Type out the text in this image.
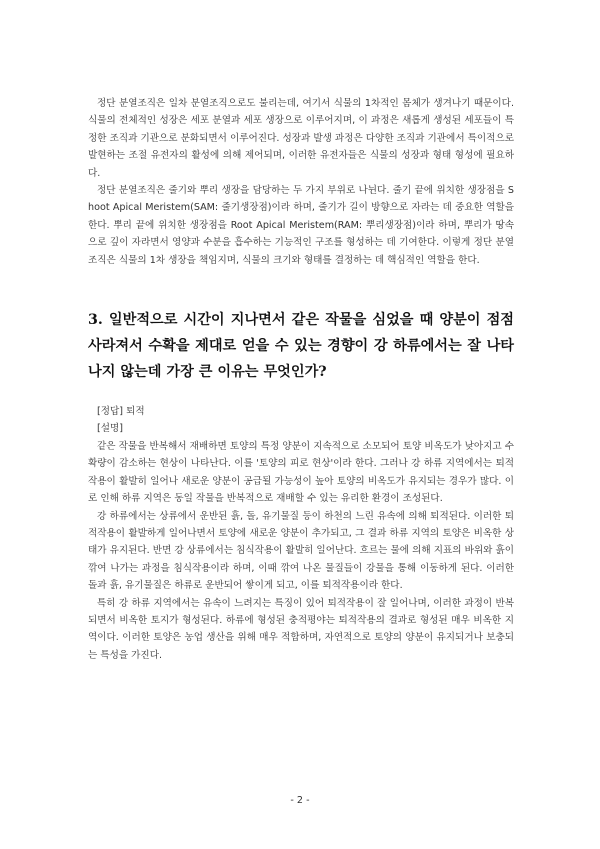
정단 분열조직은 일차 분열조직으로도 불리는데, 여기서 식물의 1차적인 몸체가 생겨나기 때문이다. 식물의 전체적인 성장은 세포 분열과 세포 생장으로 이루어지며, 이 과정은 새롭게 생성된 세포들이 특정한 조직과 기관으로 분화되면서 이루어진다. 성장과 발생 과정은 다양한 조직과 기관에서 특이적으로 발현하는 조절 유전자의 활성에 의해 제어되며, 이러한 유전자들은 식물의 성장과 형태 형성에 필요하다.

정단 분열조직은 줄기와 뿌리 생장을 담당하는 두 가지 부위로 나뉜다. 줄기 끝에 위치한 생장점을 Shoot Apical Meristem(SAM: 줄기생장점)이라 하며, 줄기가 길이 방향으로 자라는 데 중요한 역할을 한다. 뿌리 끝에 위치한 생장점을 Root Apical Meristem(RAM: 뿌리생장점)이라 하며, 뿌리가 땅속으로 깊이 자라면서 영양과 수분을 흡수하는 기능적인 구조를 형성하는 데 기여한다. 이렇게 정단 분열조직은 식물의 1차 생장을 책임지며, 식물의 크기와 형태를 결정하는 데 핵심적인 역할을 한다.

3. 일반적으로 시간이 지나면서 같은 작물을 심었을 때 양분이 점점 사라져서 수확을 제대로 얻을 수 있는 경향이 강 하류에서는 잘 나타나지 않는데 가장 큰 이유는 무엇인가?

[정답] 퇴적

[설명]

같은 작물을 반복해서 재배하면 토양의 특정 양분이 지속적으로 소모되어 토양 비옥도가 낮아지고 수확량이 감소하는 현상이 나타난다. 이를 '토양의 피로 현상'이라 한다. 그러나 강 하류 지역에서는 퇴적작용이 활발히 일어나 새로운 양분이 공급될 가능성이 높아 토양의 비옥도가 유지되는 경우가 많다. 이로 인해 하류 지역은 동일 작물을 반복적으로 재배할 수 있는 유리한 환경이 조성된다.

강 하류에서는 상류에서 운반된 흙, 돌, 유기물질 등이 하천의 느린 유속에 의해 퇴적된다. 이러한 퇴적작용이 활발하게 일어나면서 토양에 새로운 양분이 추가되고, 그 결과 하류 지역의 토양은 비옥한 상태가 유지된다. 반면 강 상류에서는 침식작용이 활발히 일어난다. 흐르는 물에 의해 지표의 바위와 흙이 깎여 나가는 과정을 침식작용이라 하며, 이때 깎여 나온 물질들이 강물을 통해 이동하게 된다. 이러한 돌과 흙, 유기물질은 하류로 운반되어 쌓이게 되고, 이를 퇴적작용이라 한다.

특히 강 하류 지역에서는 유속이 느려지는 특징이 있어 퇴적작용이 잘 일어나며, 이러한 과정이 반복되면서 비옥한 토지가 형성된다. 하류에 형성된 충적평야는 퇴적작용의 결과로 형성된 매우 비옥한 지역이다. 이러한 토양은 농업 생산을 위해 매우 적합하며, 자연적으로 토양의 양분이 유지되거나 보충되는 특성을 가진다.

- 2 -
